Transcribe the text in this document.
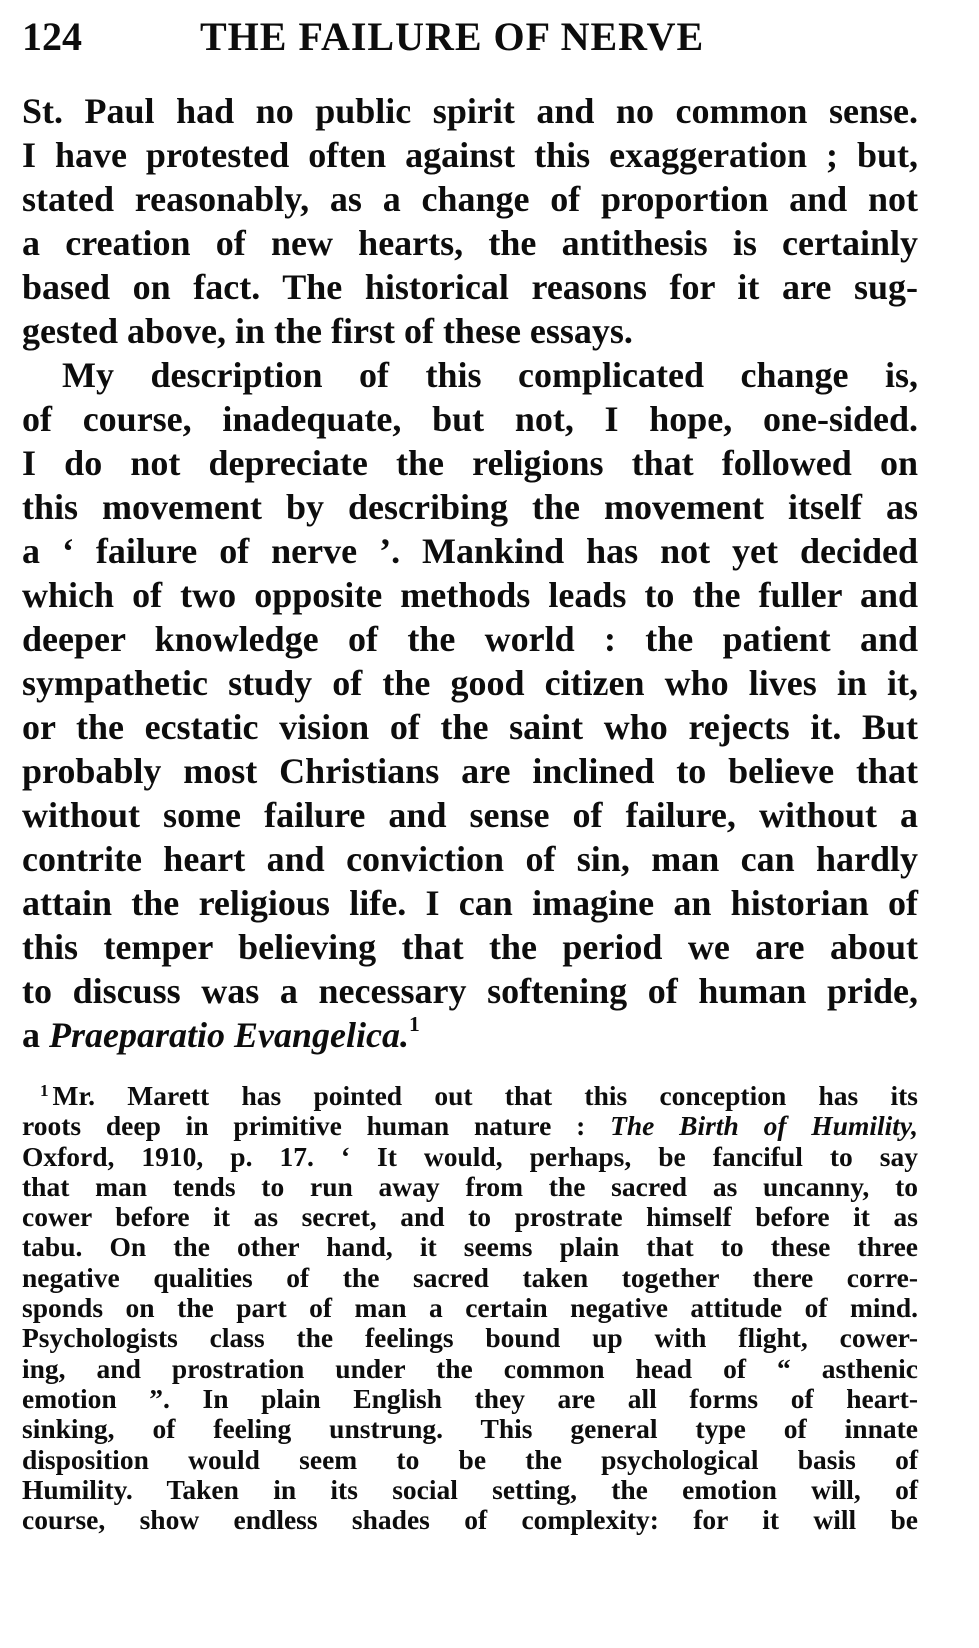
124	THE FAILURE OF NERVE
St. Paul had no public spirit and no common sense.
I have protested often against this exaggeration ; but,
stated reasonably, as a change of proportion and not
a creation of new hearts, the antithesis is certainly
based on fact. The historical reasons for it are sug-
gested above, in the first of these essays.
My description of this complicated change is,
of course, inadequate, but not, I hope, one-sided.
I do not depreciate the religions that followed on
this movement by describing the movement itself as
a ‘ failure of nerve ’. Mankind has not yet decided
which of two opposite methods leads to the fuller and
deeper knowledge of the world : the patient and
sympathetic study of the good citizen who lives in it,
or the ecstatic vision of the saint who rejects it. But
probably most Christians are inclined to believe that
without some failure and sense of failure, without a
contrite heart and conviction of sin, man can hardly
attain the religious life. I can imagine an historian of
this temper believing that the period we are about
to discuss was a necessary softening of human pride,
a Praeparatio Evangelica.$^1$
$^1$ Mr. Marett has pointed out that this conception has its
roots deep in primitive human nature : The Birth of Humility,
Oxford, 1910, p. 17. ‘ It would, perhaps, be fanciful to say
that man tends to run away from the sacred as uncanny, to
cower before it as secret, and to prostrate himself before it as
tabu. On the other hand, it seems plain that to these three
negative qualities of the sacred taken together there corre-
sponds on the part of man a certain negative attitude of mind.
Psychologists class the feelings bound up with flight, cower-
ing, and prostration under the common head of “ asthenic
emotion ”. In plain English they are all forms of heart-
sinking, of feeling unstrung. This general type of innate
disposition would seem to be the psychological basis of
Humility. Taken in its social setting, the emotion will, of
course, show endless shades of complexity: for it will be
